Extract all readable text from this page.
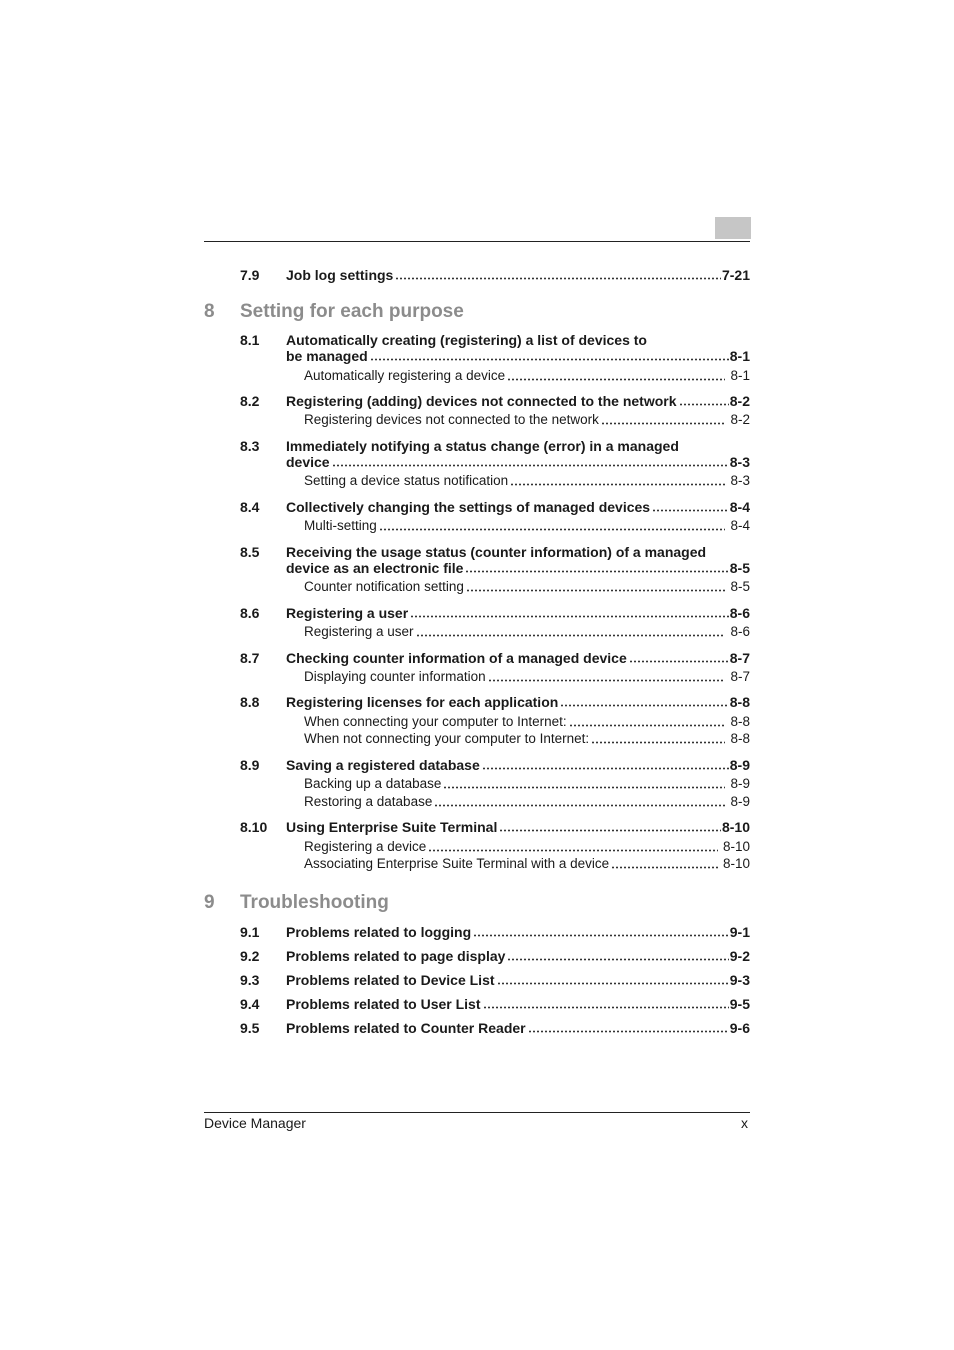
7.9 Job log settings	7-21
8	Setting for each purpose
8.1 Automatically creating (registering) a list of devices to
be managed	8-1
Automatically registering a device	8-1
8.2 Registering (adding) devices not connected to the network	8-2
Registering devices not connected to the network	8-2
8.3 Immediately notifying a status change (error) in a managed
device	8-3
Setting a device status notification	8-3
8.4 Collectively changing the settings of managed devices	8-4
Multi-setting	8-4
8.5 Receiving the usage status (counter information) of a managed
device as an electronic file	8-5
Counter notification setting	8-5
8.6 Registering a user	8-6
Registering a user	8-6
8.7 Checking counter information of a managed device	8-7
Displaying counter information	8-7
8.8 Registering licenses for each application	8-8
When connecting your computer to Internet:	8-8
When not connecting your computer to Internet:	8-8
8.9 Saving a registered database	8-9
Backing up a database	8-9
Restoring a database	8-9
8.10 Using Enterprise Suite Terminal	8-10
Registering a device	8-10
Associating Enterprise Suite Terminal with a device	8-10
9	Troubleshooting
9.1 Problems related to logging	9-1
9.2 Problems related to page display	9-2
9.3 Problems related to Device List	9-3
9.4 Problems related to User List	9-5
9.5 Problems related to Counter Reader	9-6
Device Manager	x
